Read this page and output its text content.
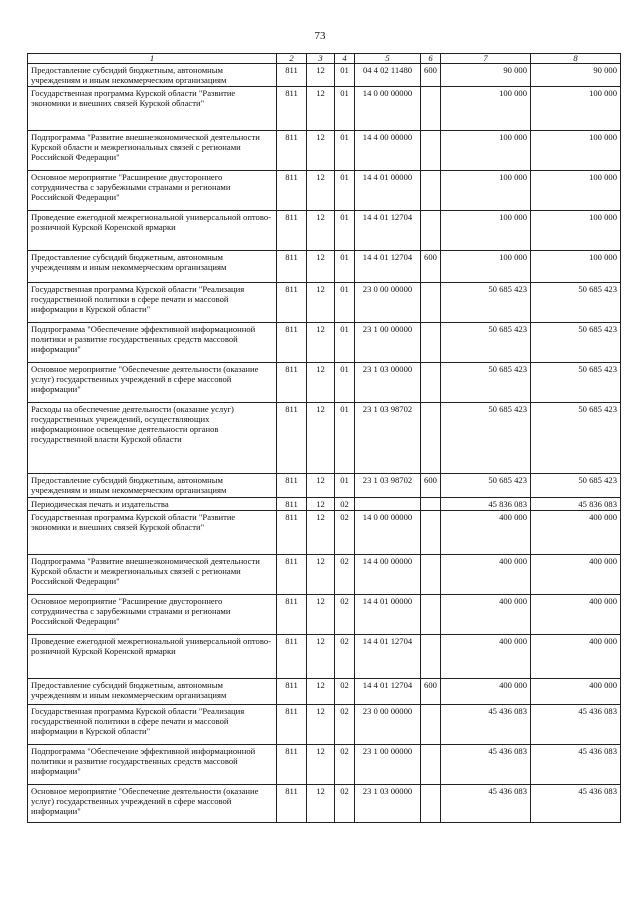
73
1	2	3	4	5	6	7	8
Предоставление субсидий бюджетным, автономным учреждениям и иным некоммерческим организациям	811	12	01	04 4 02 11480	600	90 000	90 000
Государственная программа Курской области "Развитие экономики и внешних связей Курской области"	811	12	01	14 0 00 00000		100 000	100 000
Подпрограмма "Развитие внешнеэкономической деятельности Курской области и межрегиональных связей с регионами Российской Федерации"	811	12	01	14 4 00 00000		100 000	100 000
Основное мероприятие "Расширение двустороннего сотрудничества с зарубежными странами и регионами Российской Федерации"	811	12	01	14 4 01 00000		100 000	100 000
Проведение ежегодной межрегиональной универсальной оптово-розничной Курской Коренской ярмарки	811	12	01	14 4 01 12704		100 000	100 000
Предоставление субсидий бюджетным, автономным учреждениям и иным некоммерческим организациям	811	12	01	14 4 01 12704	600	100 000	100 000
Государственная программа Курской области "Реализация государственной политики в сфере печати и массовой информации в Курской области"	811	12	01	23 0 00 00000		50 685 423	50 685 423
Подпрограмма "Обеспечение эффективной информационной политики и развитие государственных средств массовой информации"	811	12	01	23 1 00 00000		50 685 423	50 685 423
Основное мероприятие "Обеспечение деятельности (оказание услуг) государственных учреждений в сфере массовой информации"	811	12	01	23 1 03 00000		50 685 423	50 685 423
Расходы на обеспечение деятельности (оказание услуг) государственных учреждений, осуществляющих информационное освещение деятельности органов государственной власти Курской области	811	12	01	23 1 03 98702		50 685 423	50 685 423
Предоставление субсидий бюджетным, автономным учреждениям и иным некоммерческим организациям	811	12	01	23 1 03 98702	600	50 685 423	50 685 423
Периодическая печать и издательства	811	12	02			45 836 083	45 836 083
Государственная программа Курской области "Развитие экономики и внешних связей Курской области"	811	12	02	14 0 00 00000		400 000	400 000
Подпрограмма "Развитие внешнеэкономической деятельности Курской области и межрегиональных связей с регионами Российской Федерации"	811	12	02	14 4 00 00000		400 000	400 000
Основное мероприятие "Расширение двустороннего сотрудничества с зарубежными странами и регионами Российской Федерации"	811	12	02	14 4 01 00000		400 000	400 000
Проведение ежегодной межрегиональной универсальной оптово-розничной Курской Коренской ярмарки	811	12	02	14 4 01 12704		400 000	400 000
Предоставление субсидий бюджетным, автономным учреждениям и иным некоммерческим организациям	811	12	02	14 4 01 12704	600	400 000	400 000
Государственная программа Курской области "Реализация государственной политики в сфере печати и массовой информации в Курской области"	811	12	02	23 0 00 00000		45 436 083	45 436 083
Подпрограмма "Обеспечение эффективной информационной политики и развитие государственных средств массовой информации"	811	12	02	23 1 00 00000		45 436 083	45 436 083
Основное мероприятие "Обеспечение деятельности (оказание услуг) государственных учреждений в сфере массовой информации"	811	12	02	23 1 03 00000		45 436 083	45 436 083
